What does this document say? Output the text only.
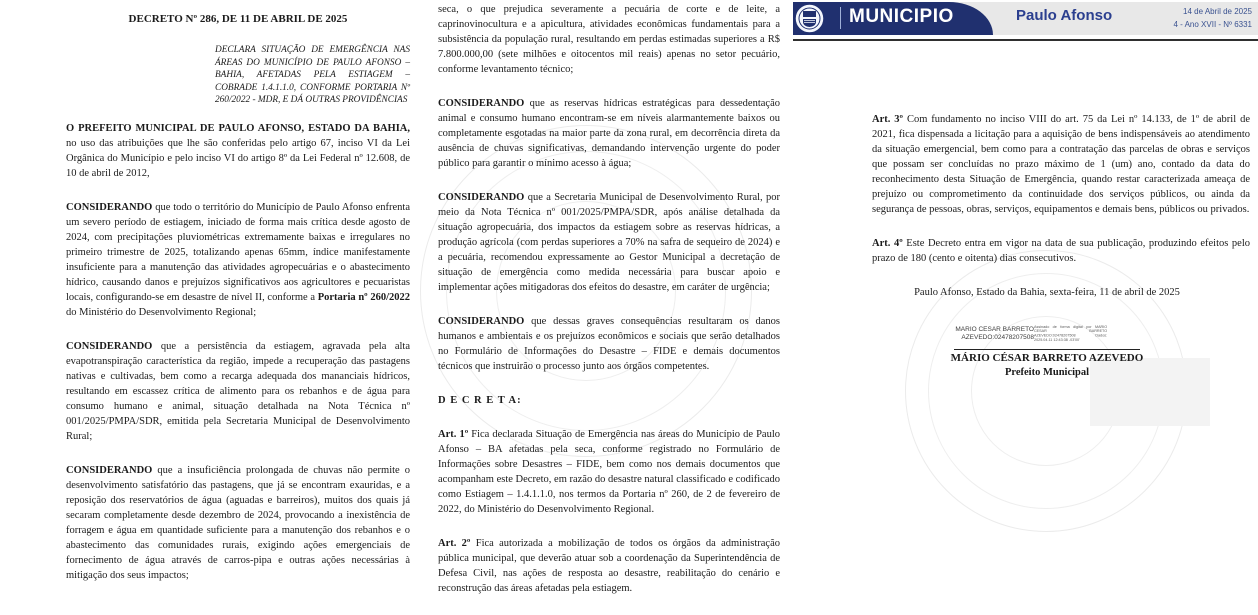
DECRETO Nº 286, DE 11 DE ABRIL DE 2025

DECLARA SITUAÇÃO DE EMERGÊNCIA NAS ÁREAS DO MUNICÍPIO DE PAULO AFONSO – BAHIA, AFETADAS PELA ESTIAGEM – COBRADE 1.4.1.1.0, CONFORME PORTARIA Nº 260/2022 - MDR, E DÁ OUTRAS PROVIDÊNCIAS

O PREFEITO MUNICIPAL DE PAULO AFONSO, ESTADO DA BAHIA, no uso das atribuições que lhe são conferidas pelo artigo 67, inciso VI da Lei Orgânica do Município e pelo inciso VI do artigo 8º da Lei Federal nº 12.608, de 10 de abril de 2012,

CONSIDERANDO que todo o território do Município de Paulo Afonso enfrenta um severo período de estiagem, iniciado de forma mais crítica desde agosto de 2024, com precipitações pluviométricas extremamente baixas e irregulares no primeiro trimestre de 2025, totalizando apenas 65mm, índice manifestamente insuficiente para a manutenção das atividades agropecuárias e o abastecimento hídrico, causando danos e prejuízos significativos aos agricultores e pecuaristas locais, configurando-se em desastre de nível II, conforme a Portaria nº 260/2022 do Ministério do Desenvolvimento Regional;

CONSIDERANDO que a persistência da estiagem, agravada pela alta evapotranspiração característica da região, impede a recuperação das pastagens nativas e cultivadas, bem como a recarga adequada dos mananciais hídricos, resultando em escassez crítica de alimento para os rebanhos e de água para consumo humano e animal, situação detalhada na Nota Técnica nº 001/2025/PMPA/SDR, emitida pela Secretaria Municipal de Desenvolvimento Rural;

CONSIDERANDO que a insuficiência prolongada de chuvas não permite o desenvolvimento satisfatório das pastagens, que já se encontram exauridas, e a reposição dos reservatórios de água (aguadas e barreiros), muitos dos quais já secaram completamente desde dezembro de 2024, provocando a inexistência de forragem e água em quantidade suficiente para a manutenção dos rebanhos e o abastecimento das comunidades rurais, exigindo ações emergenciais de fornecimento de água através de carros-pipa e outras ações necessárias à mitigação dos seus impactos;

seca, o que prejudica severamente a pecuária de corte e de leite, a caprinovinocultura e a apicultura, atividades econômicas fundamentais para a subsistência da população rural, resultando em perdas estimadas superiores a R$ 7.800.000,00 (sete milhões e oitocentos mil reais) apenas no setor pecuário, conforme levantamento técnico;

CONSIDERANDO que as reservas hídricas estratégicas para dessedentação animal e consumo humano encontram-se em níveis alarmantemente baixos ou completamente esgotadas na maior parte da zona rural, em decorrência direta da ausência de chuvas significativas, demandando intervenção urgente do poder público para garantir o mínimo acesso à água;

CONSIDERANDO que a Secretaria Municipal de Desenvolvimento Rural, por meio da Nota Técnica nº 001/2025/PMPA/SDR, após análise detalhada da situação agropecuária, dos impactos da estiagem sobre as reservas hídricas, a produção agrícola (com perdas superiores a 70% na safra de sequeiro de 2024) e a pecuária, recomendou expressamente ao Gestor Municipal a decretação de situação de emergência como medida necessária para buscar apoio e implementar ações mitigadoras dos efeitos do desastre, em caráter de urgência;

CONSIDERANDO que dessas graves consequências resultaram os danos humanos e ambientais e os prejuízos econômicos e sociais que serão detalhados no Formulário de Informações do Desastre – FIDE e demais documentos técnicos que instruirão o processo junto aos órgãos competentes.

D E C R E T A:

Art. 1º Fica declarada Situação de Emergência nas áreas do Município de Paulo Afonso – BA afetadas pela seca, conforme registrado no Formulário de Informações sobre Desastres – FIDE, bem como nos demais documentos que acompanham este Decreto, em razão do desastre natural classificado e codificado como Estiagem – 1.4.1.1.0, nos termos da Portaria nº 260, de 2 de fevereiro de 2022, do Ministério do Desenvolvimento Regional.

Art. 2º Fica autorizada a mobilização de todos os órgãos da administração pública municipal, que deverão atuar sob a coordenação da Superintendência de Defesa Civil, nas ações de resposta ao desastre, reabilitação do cenário e reconstrução das áreas afetadas pela estiagem.

MUNICIPIO	Paulo Afonso	14 de Abril de 2025
4 - Ano XVII - Nº 6331

Art. 3º Com fundamento no inciso VIII do art. 75 da Lei nº 14.133, de 1º de abril de 2021, fica dispensada a licitação para a aquisição de bens indispensáveis ao atendimento da situação emergencial, bem como para a contratação das parcelas de obras e serviços que possam ser concluídas no prazo máximo de 1 (um) ano, contado da data do reconhecimento desta Situação de Emergência, quando restar caracterizada ameaça de prejuízo ou comprometimento da continuidade dos serviços públicos, ou ainda da segurança de pessoas, obras, serviços, equipamentos e demais bens, públicos ou privados.

Art. 4º Este Decreto entra em vigor na data de sua publicação, produzindo efeitos pelo prazo de 180 (cento e oitenta) dias consecutivos.

Paulo Afonso, Estado da Bahia, sexta-feira, 11 de abril de 2025

MARIO CESAR BARRETO AZEVEDO:02478207508
Assinado de forma digital por MARIO CESAR BARRETO AZEVEDO:02478207508 Dados: 2025.04.11 12:43:38 -03'00'

MÁRIO CÉSAR BARRETO AZEVEDO

Prefeito Municipal
